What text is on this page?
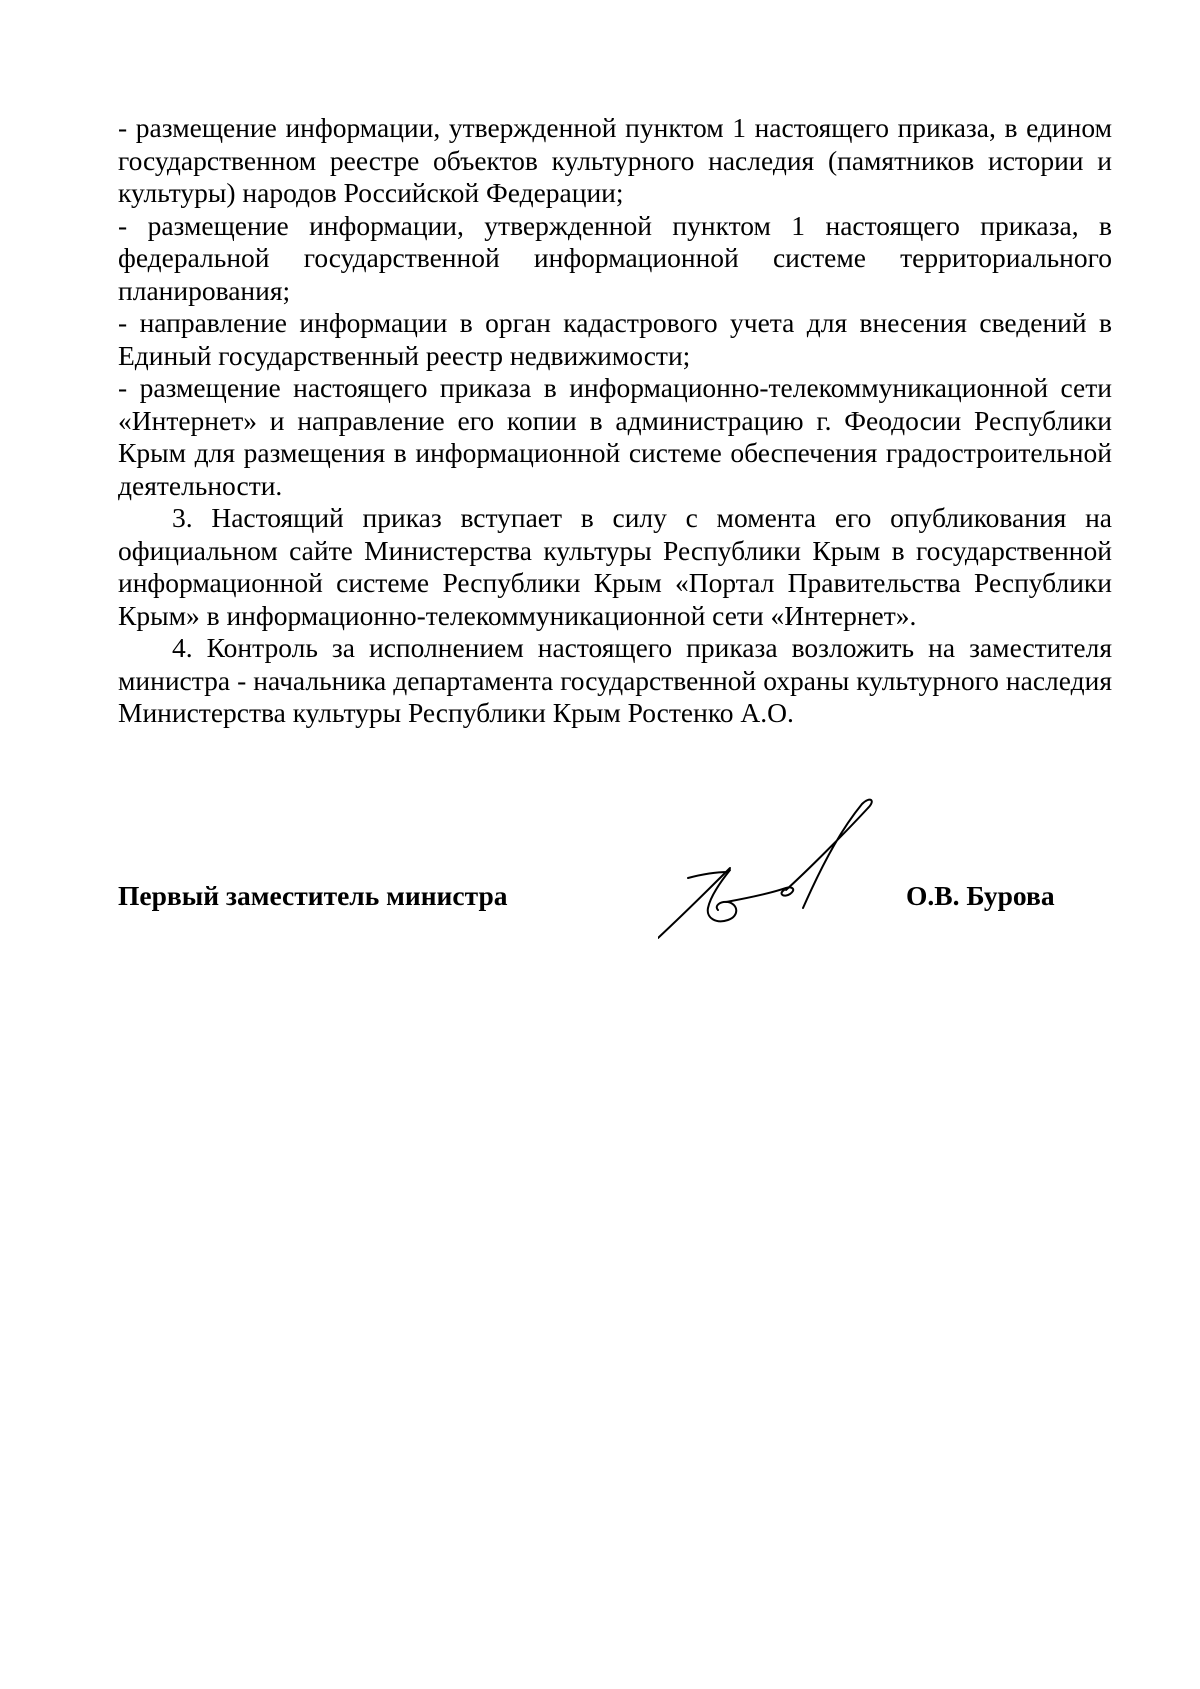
- размещение информации, утвержденной пунктом 1 настоящего приказа, в едином государственном реестре объектов культурного наследия (памятников истории и культуры) народов Российской Федерации;

- размещение информации, утвержденной пунктом 1 настоящего приказа, в федеральной государственной информационной системе территориального планирования;

- направление информации в орган кадастрового учета для внесения сведений в Единый государственный реестр недвижимости;

- размещение настоящего приказа в информационно-телекоммуникационной сети «Интернет» и направление его копии в администрацию г. Феодосии Республики Крым для размещения в информационной системе обеспечения градостроительной деятельности.

3. Настоящий приказ вступает в силу с момента его опубликования на официальном сайте Министерства культуры Республики Крым в государственной информационной системе Республики Крым «Портал Правительства Республики Крым» в информационно-телекоммуникационной сети «Интернет».

4. Контроль за исполнением настоящего приказа возложить на заместителя министра - начальника департамента государственной охраны культурного наследия Министерства культуры Республики Крым Ростенко А.О.

Первый заместитель министра	О.В. Бурова
